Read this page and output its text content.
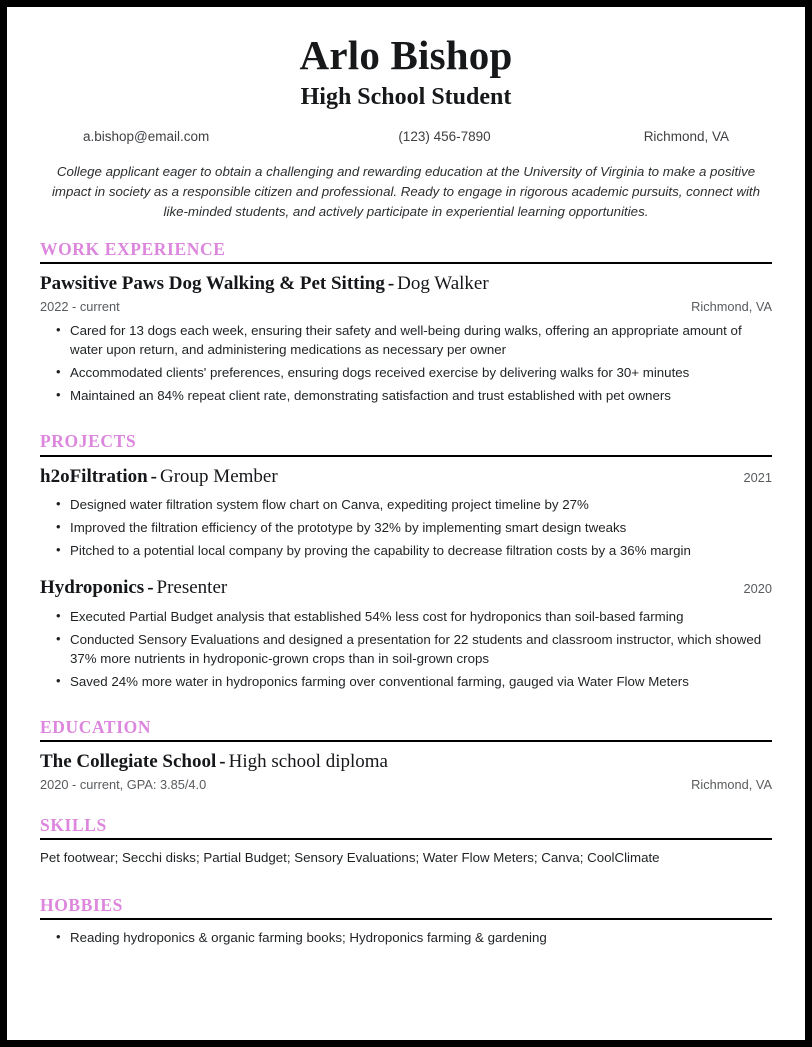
Arlo Bishop
High School Student
a.bishop@email.com	(123) 456-7890	Richmond, VA
College applicant eager to obtain a challenging and rewarding education at the University of Virginia to make a positive impact in society as a responsible citizen and professional. Ready to engage in rigorous academic pursuits, connect with like-minded students, and actively participate in experiential learning opportunities.
WORK EXPERIENCE
Pawsitive Paws Dog Walking & Pet Sitting - Dog Walker
2022 - current	Richmond, VA
• Cared for 13 dogs each week, ensuring their safety and well-being during walks, offering an appropriate amount of water upon return, and administering medications as necessary per owner
• Accommodated clients' preferences, ensuring dogs received exercise by delivering walks for 30+ minutes
• Maintained an 84% repeat client rate, demonstrating satisfaction and trust established with pet owners
PROJECTS
h2oFiltration - Group Member	2021
• Designed water filtration system flow chart on Canva, expediting project timeline by 27%
• Improved the filtration efficiency of the prototype by 32% by implementing smart design tweaks
• Pitched to a potential local company by proving the capability to decrease filtration costs by a 36% margin
Hydroponics - Presenter	2020
• Executed Partial Budget analysis that established 54% less cost for hydroponics than soil-based farming
• Conducted Sensory Evaluations and designed a presentation for 22 students and classroom instructor, which showed 37% more nutrients in hydroponic-grown crops than in soil-grown crops
• Saved 24% more water in hydroponics farming over conventional farming, gauged via Water Flow Meters
EDUCATION
The Collegiate School - High school diploma
2020 - current, GPA: 3.85/4.0	Richmond, VA
SKILLS
Pet footwear; Secchi disks; Partial Budget; Sensory Evaluations; Water Flow Meters; Canva; CoolClimate
HOBBIES
• Reading hydroponics & organic farming books; Hydroponics farming & gardening
